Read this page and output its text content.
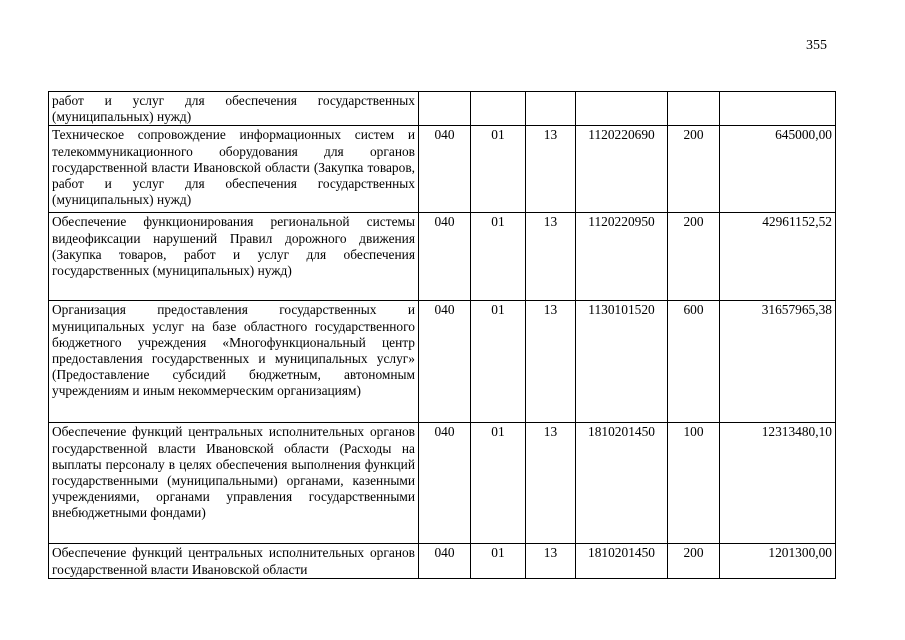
355
работ и услуг для обеспечения государственных (муниципальных) нужд)						
Техническое сопровождение информационных систем и телекоммуникационного оборудования для органов государственной власти Ивановской области (Закупка товаров, работ и услуг для обеспечения государственных (муниципальных) нужд)	040	01	13	1120220690	200	645000,00
Обеспечение функционирования региональной системы видеофиксации нарушений Правил дорожного движения (Закупка товаров, работ и услуг для обеспечения государственных (муниципальных) нужд)	040	01	13	1120220950	200	42961152,52
Организация предоставления государственных и муниципальных услуг на базе областного государственного бюджетного учреждения «Многофункциональный центр предоставления государственных и муниципальных услуг» (Предоставление субсидий бюджетным, автономным учреждениям и иным некоммерческим организациям)	040	01	13	1130101520	600	31657965,38
Обеспечение функций центральных исполнительных органов государственной власти Ивановской области (Расходы на выплаты персоналу в целях обеспечения выполнения функций государственными (муниципальными) органами, казенными учреждениями, органами управления государственными внебюджетными фондами)	040	01	13	1810201450	100	12313480,10
Обеспечение функций центральных исполнительных органов государственной власти Ивановской области	040	01	13	1810201450	200	1201300,00
